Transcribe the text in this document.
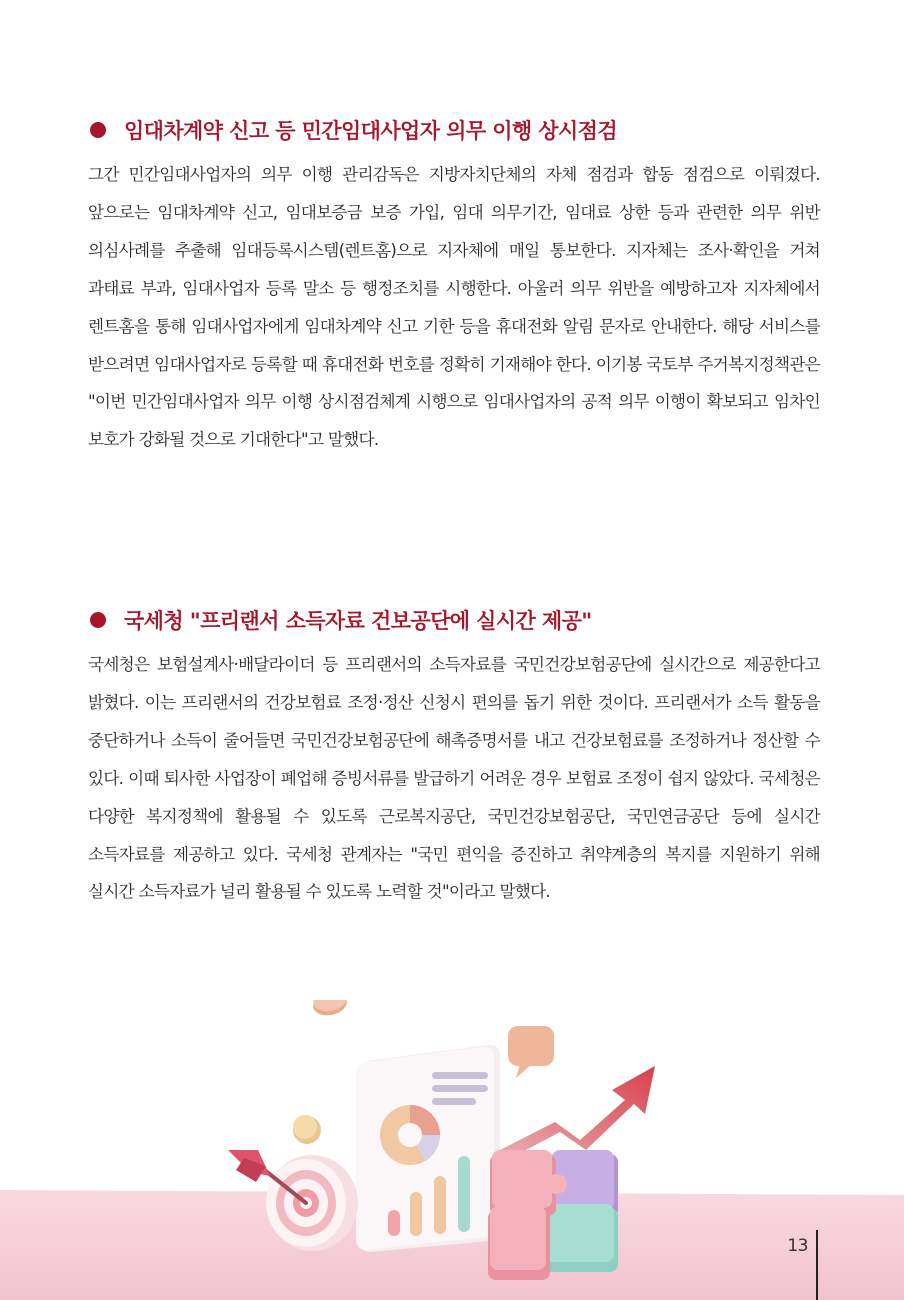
임대차계약 신고 등 민간임대사업자 의무 이행 상시점검

그간 민간임대사업자의 의무 이행 관리감독은 지방자치단체의 자체 점검과 합동 점검으로 이뤄졌다. 앞으로는 임대차계약 신고, 임대보증금 보증 가입, 임대 의무기간, 임대료 상한 등과 관련한 의무 위반 의심사례를 추출해 임대등록시스템(렌트홈)으로 지자체에 매일 통보한다. 지자체는 조사·확인을 거쳐 과태료 부과, 임대사업자 등록 말소 등 행정조치를 시행한다. 아울러 의무 위반을 예방하고자 지자체에서 렌트홈을 통해 임대사업자에게 임대차계약 신고 기한 등을 휴대전화 알림 문자로 안내한다. 해당 서비스를 받으려면 임대사업자로 등록할 때 휴대전화 번호를 정확히 기재해야 한다. 이기봉 국토부 주거복지정책관은 "이번 민간임대사업자 의무 이행 상시점검체계 시행으로 임대사업자의 공적 의무 이행이 확보되고 임차인 보호가 강화될 것으로 기대한다"고 말했다.

국세청 "프리랜서 소득자료 건보공단에 실시간 제공"

국세청은 보험설계사·배달라이더 등 프리랜서의 소득자료를 국민건강보험공단에 실시간으로 제공한다고 밝혔다. 이는 프리랜서의 건강보험료 조정·정산 신청시 편의를 돕기 위한 것이다. 프리랜서가 소득 활동을 중단하거나 소득이 줄어들면 국민건강보험공단에 해촉증명서를 내고 건강보험료를 조정하거나 정산할 수 있다. 이때 퇴사한 사업장이 폐업해 증빙서류를 발급하기 어려운 경우 보험료 조정이 쉽지 않았다. 국세청은 다양한 복지정책에 활용될 수 있도록 근로복지공단, 국민건강보험공단, 국민연금공단 등에 실시간 소득자료를 제공하고 있다. 국세청 관계자는 "국민 편익을 증진하고 취약계층의 복지를 지원하기 위해 실시간 소득자료가 널리 활용될 수 있도록 노력할 것"이라고 말했다.

13
